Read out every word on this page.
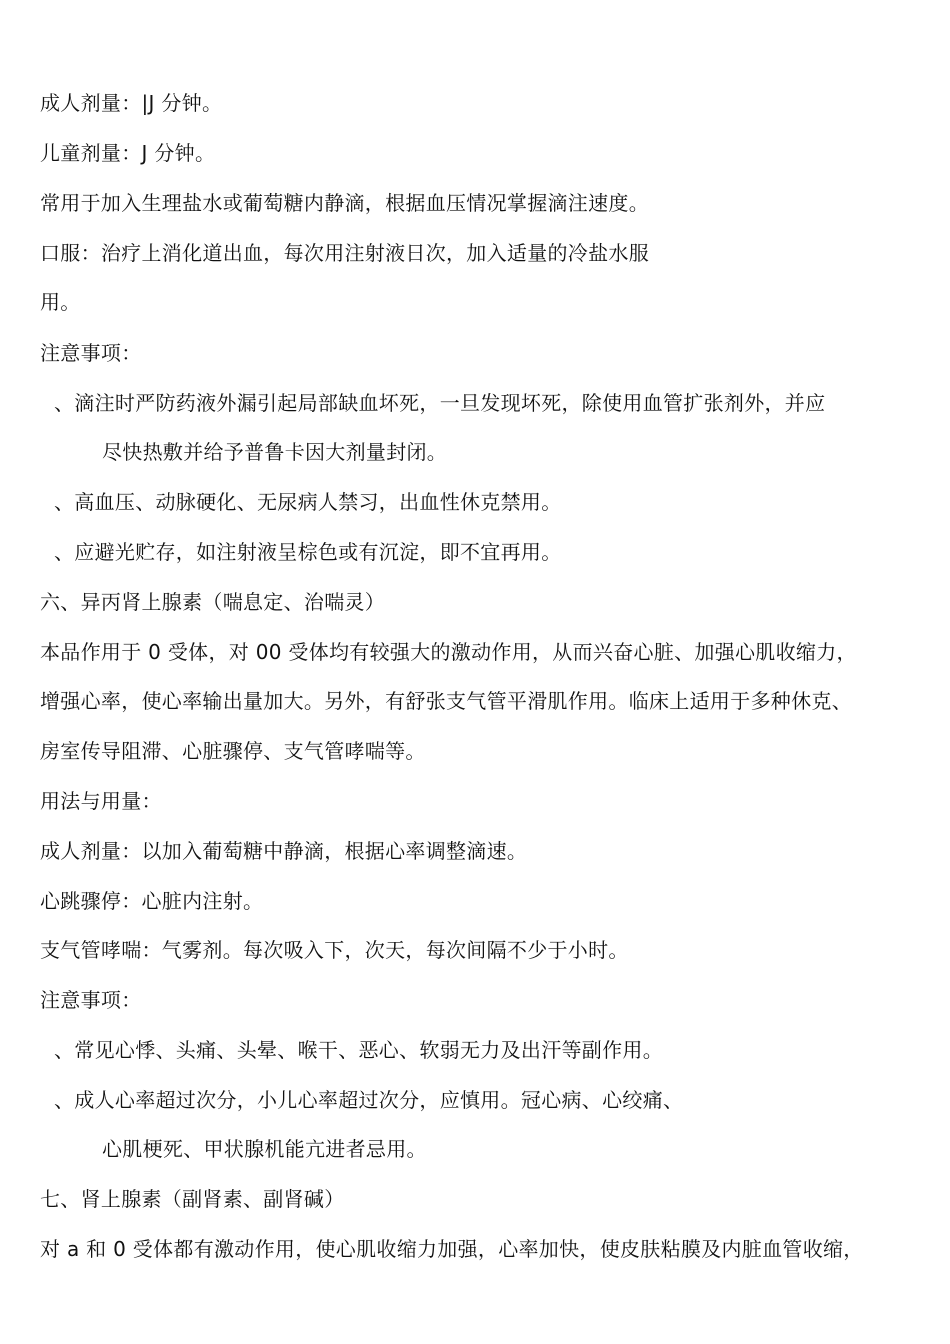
成人剂量：|J 分钟。
儿童剂量：J 分钟。
常用于加入生理盐水或葡萄糖内静滴，根据血压情况掌握滴注速度。
口服：治疗上消化道出血，每次用注射液日次，加入适量的冷盐水服
用。
注意事项：
、滴注时严防药液外漏引起局部缺血坏死，一旦发现坏死，除使用血管扩张剂外，并应
尽快热敷并给予普鲁卡因大剂量封闭。
、高血压、动脉硬化、无尿病人禁习，出血性休克禁用。
、应避光贮存，如注射液呈棕色或有沉淀，即不宜再用。
六、异丙肾上腺素（喘息定、治喘灵）
本品作用于 0 受体，对 00 受体均有较强大的激动作用，从而兴奋心脏、加强心肌收缩力，
增强心率，使心率输出量加大。另外，有舒张支气管平滑肌作用。临床上适用于多种休克、
房室传导阻滞、心脏骤停、支气管哮喘等。
用法与用量：
成人剂量：以加入葡萄糖中静滴，根据心率调整滴速。
心跳骤停：心脏内注射。
支气管哮喘：气雾剂。每次吸入下，次天，每次间隔不少于小时。
注意事项：
、常见心悸、头痛、头晕、喉干、恶心、软弱无力及出汗等副作用。
、成人心率超过次分，小儿心率超过次分，应慎用。冠心病、心绞痛、
心肌梗死、甲状腺机能亢进者忌用。
七、肾上腺素（副肾素、副肾碱）
对 a 和 0 受体都有激动作用，使心肌收缩力加强，心率加快，使皮肤粘膜及内脏血管收缩，
